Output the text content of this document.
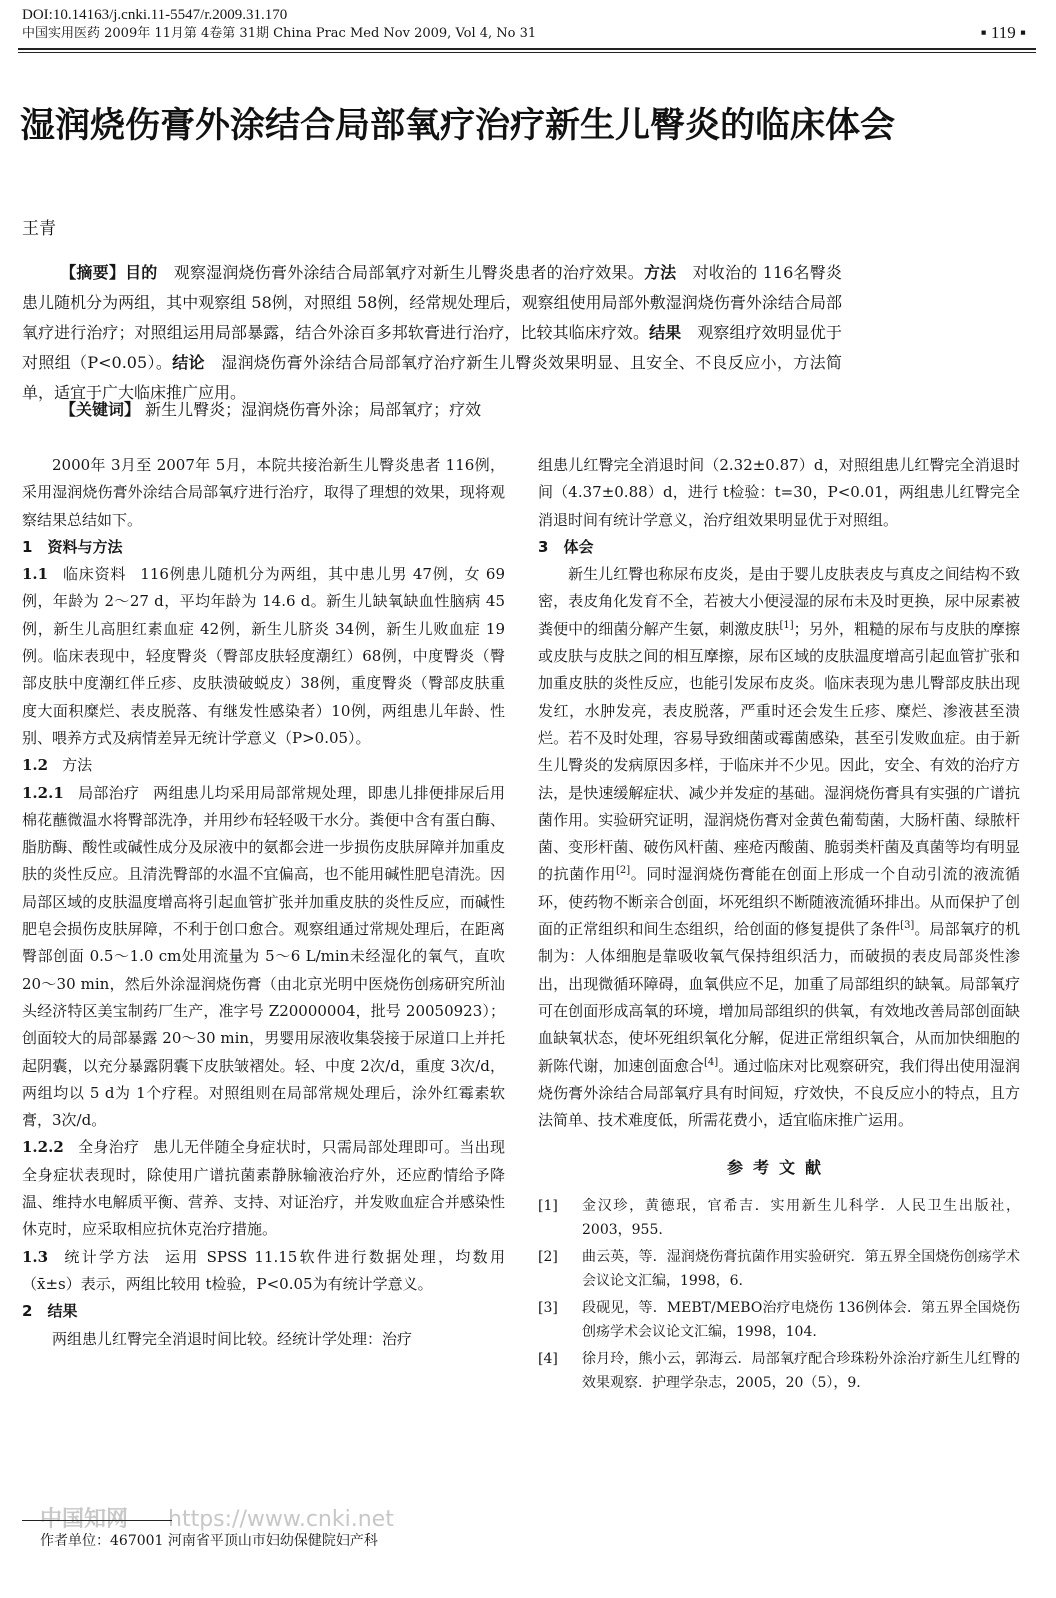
DOI:10.14163/j.cnki.11-5547/r.2009.31.170
中国实用医药 2009年 11月第 4卷第 31期 China Prac Med Nov 2009, Vol 4, No 31	▪ 119 ▪
湿润烧伤膏外涂结合局部氧疗治疗新生儿臀炎的临床体会
王青
【摘要】目的　 观察湿润烧伤膏外涂结合局部氧疗对新生儿臀炎患者的治疗效果。方法　 对收治的 116名臀炎患儿随机分为两组，其中观察组 58例，对照组 58例，经常规处理后，观察组使用局部外敷湿润烧伤膏外涂结合局部氧疗进行治疗；对照组运用局部暴露，结合外涂百多邦软膏进行治疗，比较其临床疗效。结果　 观察组疗效明显优于对照组（P<0.05）。结论　 湿润烧伤膏外涂结合局部氧疗治疗新生儿臀炎效果明显、且安全、不良反应小，方法简单，适宜于广大临床推广应用。
【关键词】 新生儿臀炎；湿润烧伤膏外涂；局部氧疗；疗效

2000年 3月至 2007年 5月，本院共接治新生儿臀炎患者 116例，采用湿润烧伤膏外涂结合局部氧疗进行治疗，取得了理想的效果，现将观察结果总结如下。

1　 资料与方法

1.1 临床资料 116例患儿随机分为两组，其中患儿男 47例，女 69例，年龄为 2～27 d，平均年龄为 14.6 d。新生儿缺氧缺血性脑病 45例，新生儿高胆红素血症 42例，新生儿脐炎 34例，新生儿败血症 19例。临床表现中，轻度臀炎（臀部皮肤轻度潮红）68例，中度臀炎（臀部皮肤中度潮红伴丘疹、皮肤溃破蜕皮）38例，重度臀炎（臀部皮肤重度大面积糜烂、表皮脱落、有继发性感染者）10例，两组患儿年龄、性别、喂养方式及病情差异无统计学意义（P>0.05）。

1.2 方法

1.2.1 局部治疗 两组患儿均采用局部常规处理，即患儿排便排尿后用棉花蘸微温水将臀部洗净，并用纱布轻轻吸干水分。粪便中含有蛋白酶、脂肪酶、酸性或碱性成分及尿液中的氨都会进一步损伤皮肤屏障并加重皮肤的炎性反应。且清洗臀部的水温不宜偏高，也不能用碱性肥皂清洗。因局部区域的皮肤温度增高将引起血管扩张并加重皮肤的炎性反应，而碱性肥皂会损伤皮肤屏障，不利于创口愈合。观察组通过常规处理后，在距离臀部创面 0.5～1.0 cm处用流量为 5～6 L/min未经湿化的氧气，直吹 20～30 min，然后外涂湿润烧伤膏（由北京光明中医烧伤创疡研究所汕头经济特区美宝制药厂生产，准字号 Z20000004，批号 20050923）；创面较大的局部暴露 20～30 min，男婴用尿液收集袋接于尿道口上并托起阴囊，以充分暴露阴囊下皮肤皱褶处。轻、中度 2次/d，重度 3次/d，两组均以 5 d为 1个疗程。对照组则在局部常规处理后，涂外红霉素软膏，3次/d。

1.2.2 全身治疗 患儿无伴随全身症状时，只需局部处理即可。当出现全身症状表现时，除使用广谱抗菌素静脉输液治疗外，还应酌情给予降温、维持水电解质平衡、营养、支持、对证治疗，并发败血症合并感染性休克时，应采取相应抗休克治疗措施。

1.3 统计学方法 运用 SPSS 11.15软件进行数据处理，均数用（x̄±s）表示，两组比较用 t检验，P<0.05为有统计学意义。

2　 结果

两组患儿红臀完全消退时间比较。经统计学处理：治疗

组患儿红臀完全消退时间（2.32±0.87）d，对照组患儿红臀完全消退时间（4.37±0.88）d，进行 t检验：t=30，P<0.01，两组患儿红臀完全消退时间有统计学意义，治疗组效果明显优于对照组。

3　 体会

新生儿红臀也称尿布皮炎，是由于婴儿皮肤表皮与真皮之间结构不致密，表皮角化发育不全，若被大小便浸湿的尿布未及时更换，尿中尿素被粪便中的细菌分解产生氨，刺激皮肤[1]；另外，粗糙的尿布与皮肤的摩擦或皮肤与皮肤之间的相互摩擦，尿布区域的皮肤温度增高引起血管扩张和加重皮肤的炎性反应，也能引发尿布皮炎。临床表现为患儿臀部皮肤出现发红，水肿发亮，表皮脱落，严重时还会发生丘疹、糜烂、渗液甚至溃烂。若不及时处理，容易导致细菌或霉菌感染，甚至引发败血症。由于新生儿臀炎的发病原因多样，于临床并不少见。因此，安全、有效的治疗方法，是快速缓解症状、减少并发症的基础。湿润烧伤膏具有实强的广谱抗菌作用。实验研究证明，湿润烧伤膏对金黄色葡萄菌，大肠杆菌、绿脓杆菌、变形杆菌、破伤风杆菌、痤疮丙酸菌、脆弱类杆菌及真菌等均有明显的抗菌作用[2]。同时湿润烧伤膏能在创面上形成一个自动引流的液流循环，使药物不断亲合创面，坏死组织不断随液流循环排出。从而保护了创面的正常组织和间生态组织，给创面的修复提供了条件[3]。局部氧疗的机制为：人体细胞是靠吸收氧气保持组织活力，而破损的表皮局部炎性渗出，出现微循环障碍，血氧供应不足，加重了局部组织的缺氧。局部氧疗可在创面形成高氧的环境，增加局部组织的供氧，有效地改善局部创面缺血缺氧状态，使坏死组织氧化分解，促进正常组织氧合，从而加快细胞的新陈代谢，加速创面愈合[4]。通过临床对比观察研究，我们得出使用湿润烧伤膏外涂结合局部氧疗具有时间短，疗效快，不良反应小的特点，且方法简单、技术难度低，所需花费小，适宜临床推广运用。

参考文献
[1]	金汉珍，黄德珉，官希吉．实用新生儿科学．人民卫生出版社，2003，955.
[2]	曲云英，等．湿润烧伤膏抗菌作用实验研究．第五界全国烧伤创疡学术会议论文汇编，1998，6.
[3]	段砚见，等．MEBT/MEBO治疗电烧伤 136例体会．第五界全国烧伤创疡学术会议论文汇编，1998，104.
[4]	徐月玲，熊小云，郭海云．局部氧疗配合珍珠粉外涂治疗新生儿红臀的效果观察．护理学杂志，2005，20（5），9.
中国知网 https://www.cnki.net
作者单位：467001 河南省平顶山市妇幼保健院妇产科
